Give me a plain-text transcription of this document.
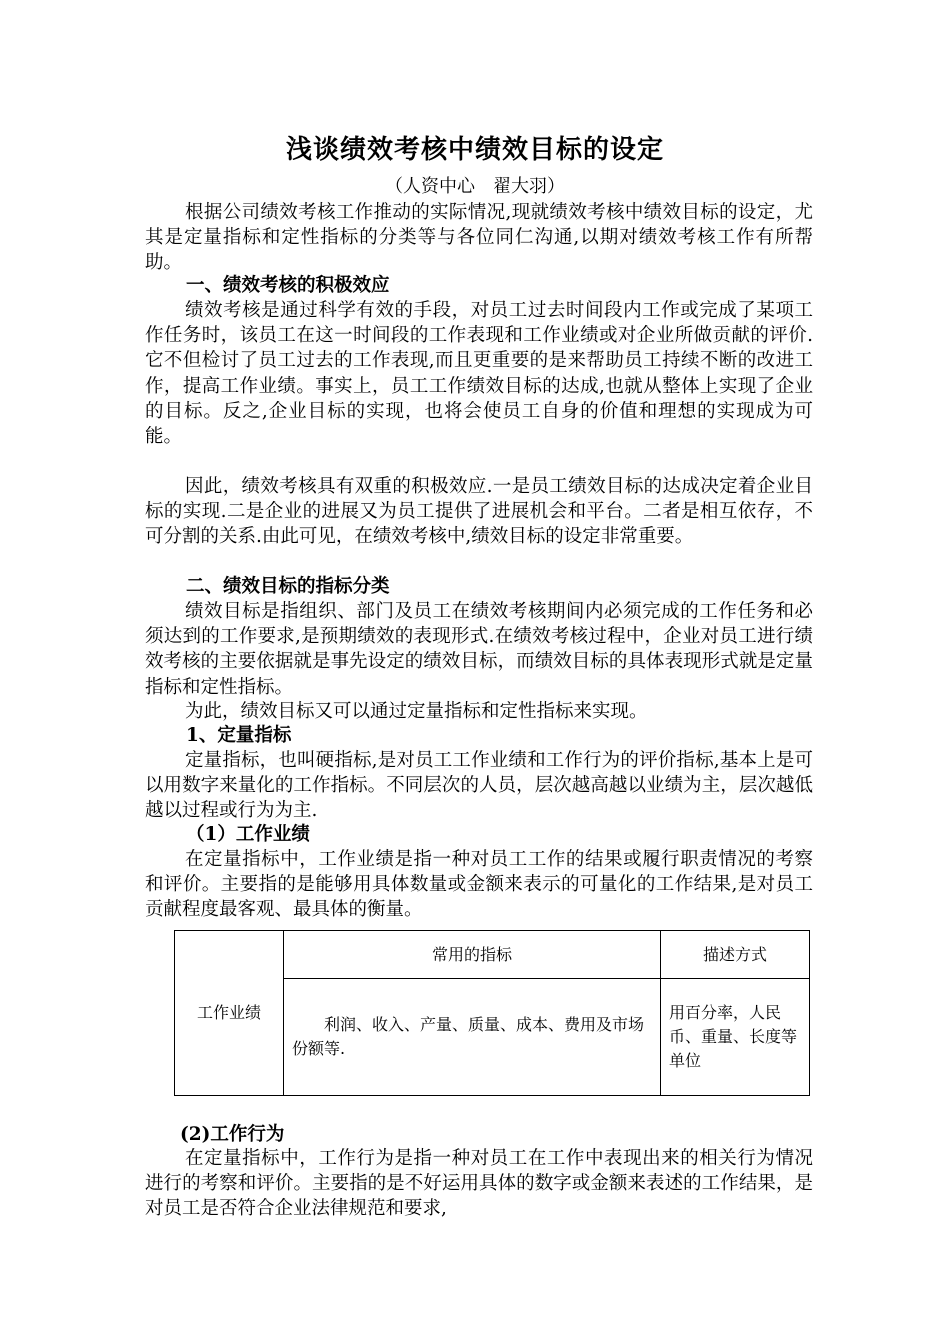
浅谈绩效考核中绩效目标的设定
（人资中心　翟大羽）

根据公司绩效考核工作推动的实际情况,现就绩效考核中绩效目标的设定，尤其是定量指标和定性指标的分类等与各位同仁沟通,以期对绩效考核工作有所帮助。

一、绩效考核的积极效应

绩效考核是通过科学有效的手段，对员工过去时间段内工作或完成了某项工作任务时，该员工在这一时间段的工作表现和工作业绩或对企业所做贡献的评价.它不但检讨了员工过去的工作表现,而且更重要的是来帮助员工持续不断的改进工作，提高工作业绩。事实上，员工工作绩效目标的达成,也就从整体上实现了企业的目标。反之,企业目标的实现，也将会使员工自身的价值和理想的实现成为可能。

因此，绩效考核具有双重的积极效应.一是员工绩效目标的达成决定着企业目标的实现.二是企业的进展又为员工提供了进展机会和平台。二者是相互依存，不可分割的关系.由此可见，在绩效考核中,绩效目标的设定非常重要。

二、绩效目标的指标分类

绩效目标是指组织、部门及员工在绩效考核期间内必须完成的工作任务和必须达到的工作要求,是预期绩效的表现形式.在绩效考核过程中，企业对员工进行绩效考核的主要依据就是事先设定的绩效目标，而绩效目标的具体表现形式就是定量指标和定性指标。

为此，绩效目标又可以通过定量指标和定性指标来实现。

1、定量指标

定量指标，也叫硬指标,是对员工工作业绩和工作行为的评价指标,基本上是可以用数字来量化的工作指标。不同层次的人员，层次越高越以业绩为主，层次越低越以过程或行为为主.

（1）工作业绩

在定量指标中，工作业绩是指一种对员工工作的结果或履行职责情况的考察和评价。主要指的是能够用具体数量或金额来表示的可量化的工作结果,是对员工贡献程度最客观、最具体的衡量。

工作业绩	常用的指标	描述方式
	利润、收入、产量、质量、成本、费用及市场份额等.	用百分率，人民币、重量、长度等单位

(2)工作行为

在定量指标中，工作行为是指一种对员工在工作中表现出来的相关行为情况进行的考察和评价。主要指的是不好运用具体的数字或金额来表述的工作结果，是对员工是否符合企业法律规范和要求,
